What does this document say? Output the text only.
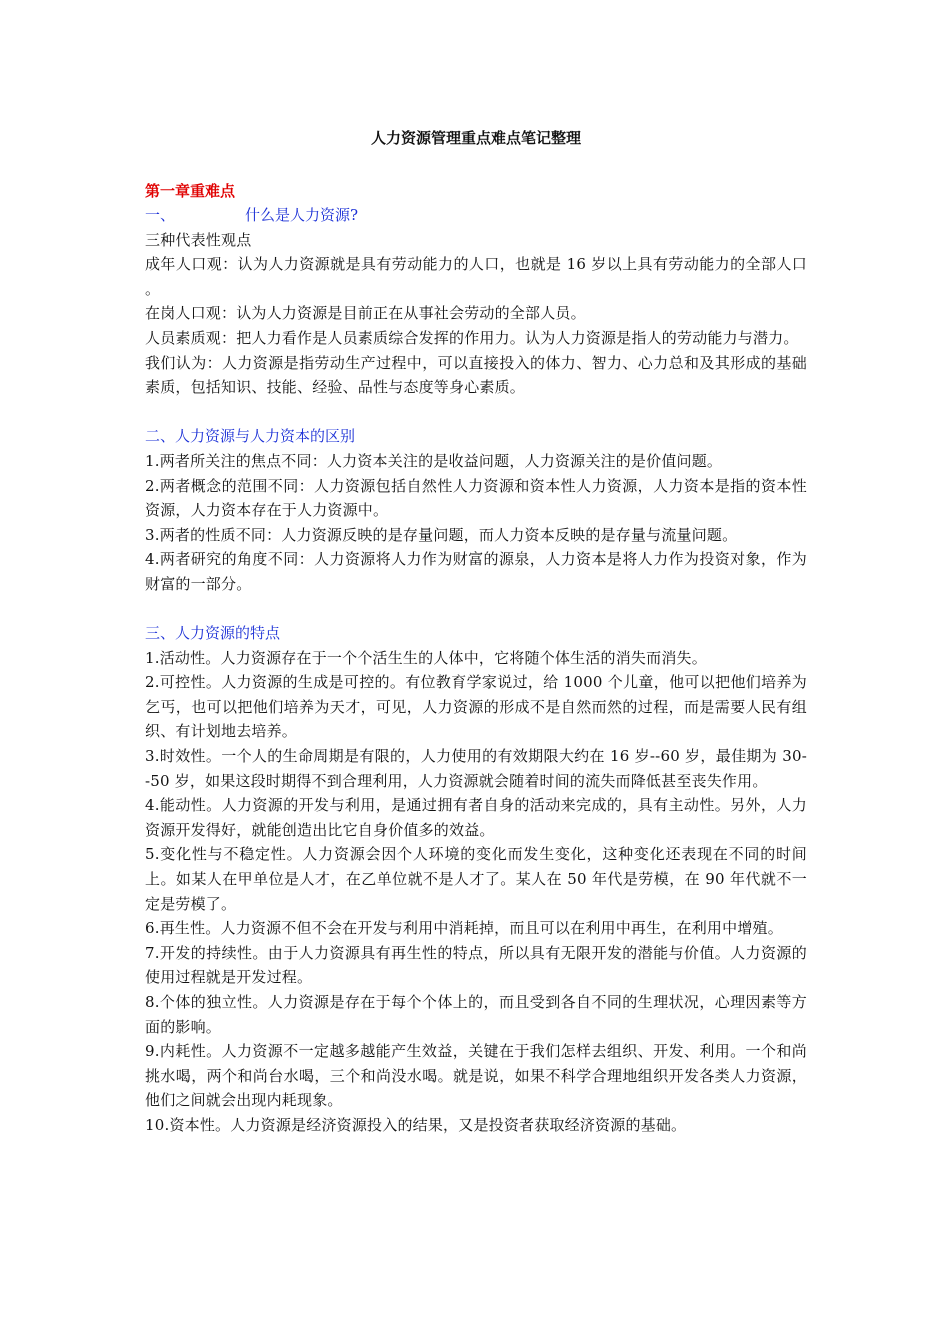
人力资源管理重点难点笔记整理

第一章重难点

一、	什么是人力资源?

三种代表性观点

成年人口观：认为人力资源就是具有劳动能力的人口，也就是 16 岁以上具有劳动能力的全部人口 。

在岗人口观：认为人力资源是目前正在从事社会劳动的全部人员。

人员素质观：把人力看作是人员素质综合发挥的作用力。认为人力资源是指人的劳动能力与潜力。

我们认为：人力资源是指劳动生产过程中，可以直接投入的体力、智力、心力总和及其形成的基础素质，包括知识、技能、经验、品性与态度等身心素质。

二、人力资源与人力资本的区别

1.两者所关注的焦点不同：人力资本关注的是收益问题，人力资源关注的是价值问题。

2.两者概念的范围不同：人力资源包括自然性人力资源和资本性人力资源，人力资本是指的资本性资源，人力资本存在于人力资源中。

3.两者的性质不同：人力资源反映的是存量问题，而人力资本反映的是存量与流量问题。

4.两者研究的角度不同：人力资源将人力作为财富的源泉，人力资本是将人力作为投资对象，作为财富的一部分。

三、人力资源的特点

1.活动性。人力资源存在于一个个活生生的人体中，它将随个体生活的消失而消失。

2.可控性。人力资源的生成是可控的。有位教育学家说过，给 1000 个儿童，他可以把他们培养为乞丐，也可以把他们培养为天才，可见，人力资源的形成不是自然而然的过程，而是需要人民有组织、有计划地去培养。

3.时效性。一个人的生命周期是有限的，人力使用的有效期限大约在 16 岁--60 岁，最佳期为 30--50 岁，如果这段时期得不到合理利用，人力资源就会随着时间的流失而降低甚至丧失作用。

4.能动性。人力资源的开发与利用，是通过拥有者自身的活动来完成的，具有主动性。另外，人力资源开发得好，就能创造出比它自身价值多的效益。

5.变化性与不稳定性。人力资源会因个人环境的变化而发生变化，这种变化还表现在不同的时间上。如某人在甲单位是人才，在乙单位就不是人才了。某人在 50 年代是劳模，在 90 年代就不一定是劳模了。

6.再生性。人力资源不但不会在开发与利用中消耗掉，而且可以在利用中再生，在利用中增殖。

7.开发的持续性。由于人力资源具有再生性的特点，所以具有无限开发的潜能与价值。人力资源的使用过程就是开发过程。

8.个体的独立性。人力资源是存在于每个个体上的，而且受到各自不同的生理状况，心理因素等方面的影响。

9.内耗性。人力资源不一定越多越能产生效益，关键在于我们怎样去组织、开发、利用。一个和尚挑水喝，两个和尚台水喝，三个和尚没水喝。就是说，如果不科学合理地组织开发各类人力资源，他们之间就会出现内耗现象。

10.资本性。人力资源是经济资源投入的结果，又是投资者获取经济资源的基础。
